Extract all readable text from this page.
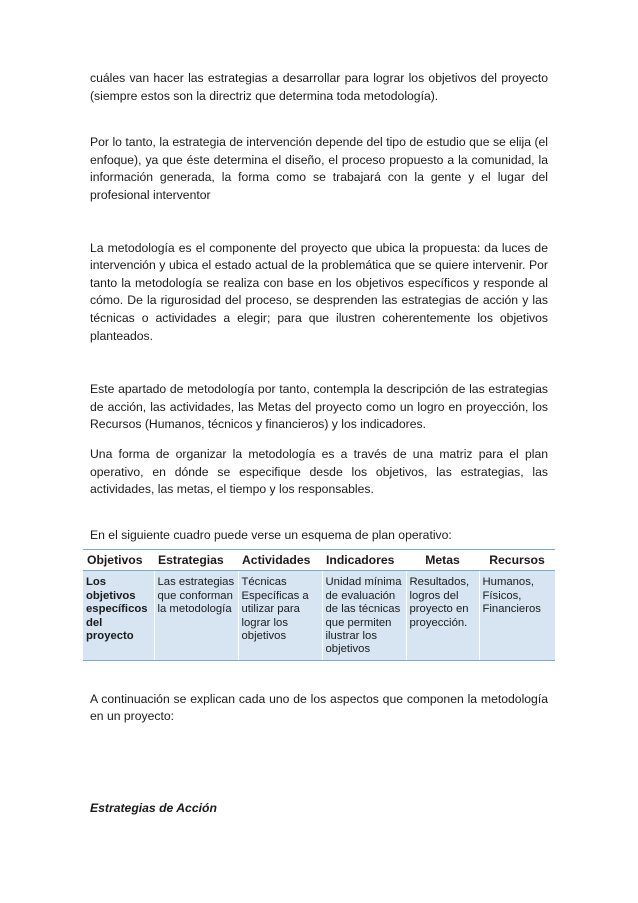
cuáles van hacer las estrategias a desarrollar para lograr los objetivos del proyecto (siempre estos son la directriz que determina toda metodología).

Por lo tanto, la estrategia de intervención depende del tipo de estudio que se elija (el enfoque), ya que éste determina el diseño, el proceso propuesto a la comunidad, la información generada, la forma como se trabajará con la gente y el lugar del profesional interventor

La metodología es el componente del proyecto que ubica la propuesta: da luces de intervención y ubica el estado actual de la problemática que se quiere intervenir. Por tanto la metodología se realiza con base en los objetivos específicos y responde al cómo. De la rigurosidad del proceso, se desprenden las estrategias de acción y las técnicas o actividades a elegir; para que ilustren coherentemente los objetivos planteados.

Este apartado de metodología por tanto, contempla la descripción de las estrategias de acción, las actividades, las Metas del proyecto como un logro en proyección, los Recursos (Humanos, técnicos y financieros) y los indicadores.

Una forma de organizar la metodología es a través de una matriz para el plan operativo, en dónde se especifique desde los objetivos, las estrategias, las actividades, las metas, el tiempo y los responsables.

En el siguiente cuadro puede verse un esquema de plan operativo:

Objetivos	Estrategias	Actividades	Indicadores	Metas	Recursos
Los objetivos específicos del proyecto	Las estrategias que conforman la metodología	Técnicas Específicas a utilizar para lograr los objetivos	Unidad mínima de evaluación de las técnicas que permiten ilustrar los objetivos	Resultados, logros del proyecto en proyección.	Humanos, Físicos, Financieros

A continuación se explican cada uno de los aspectos que componen la metodología en un proyecto:

Estrategias de Acción
